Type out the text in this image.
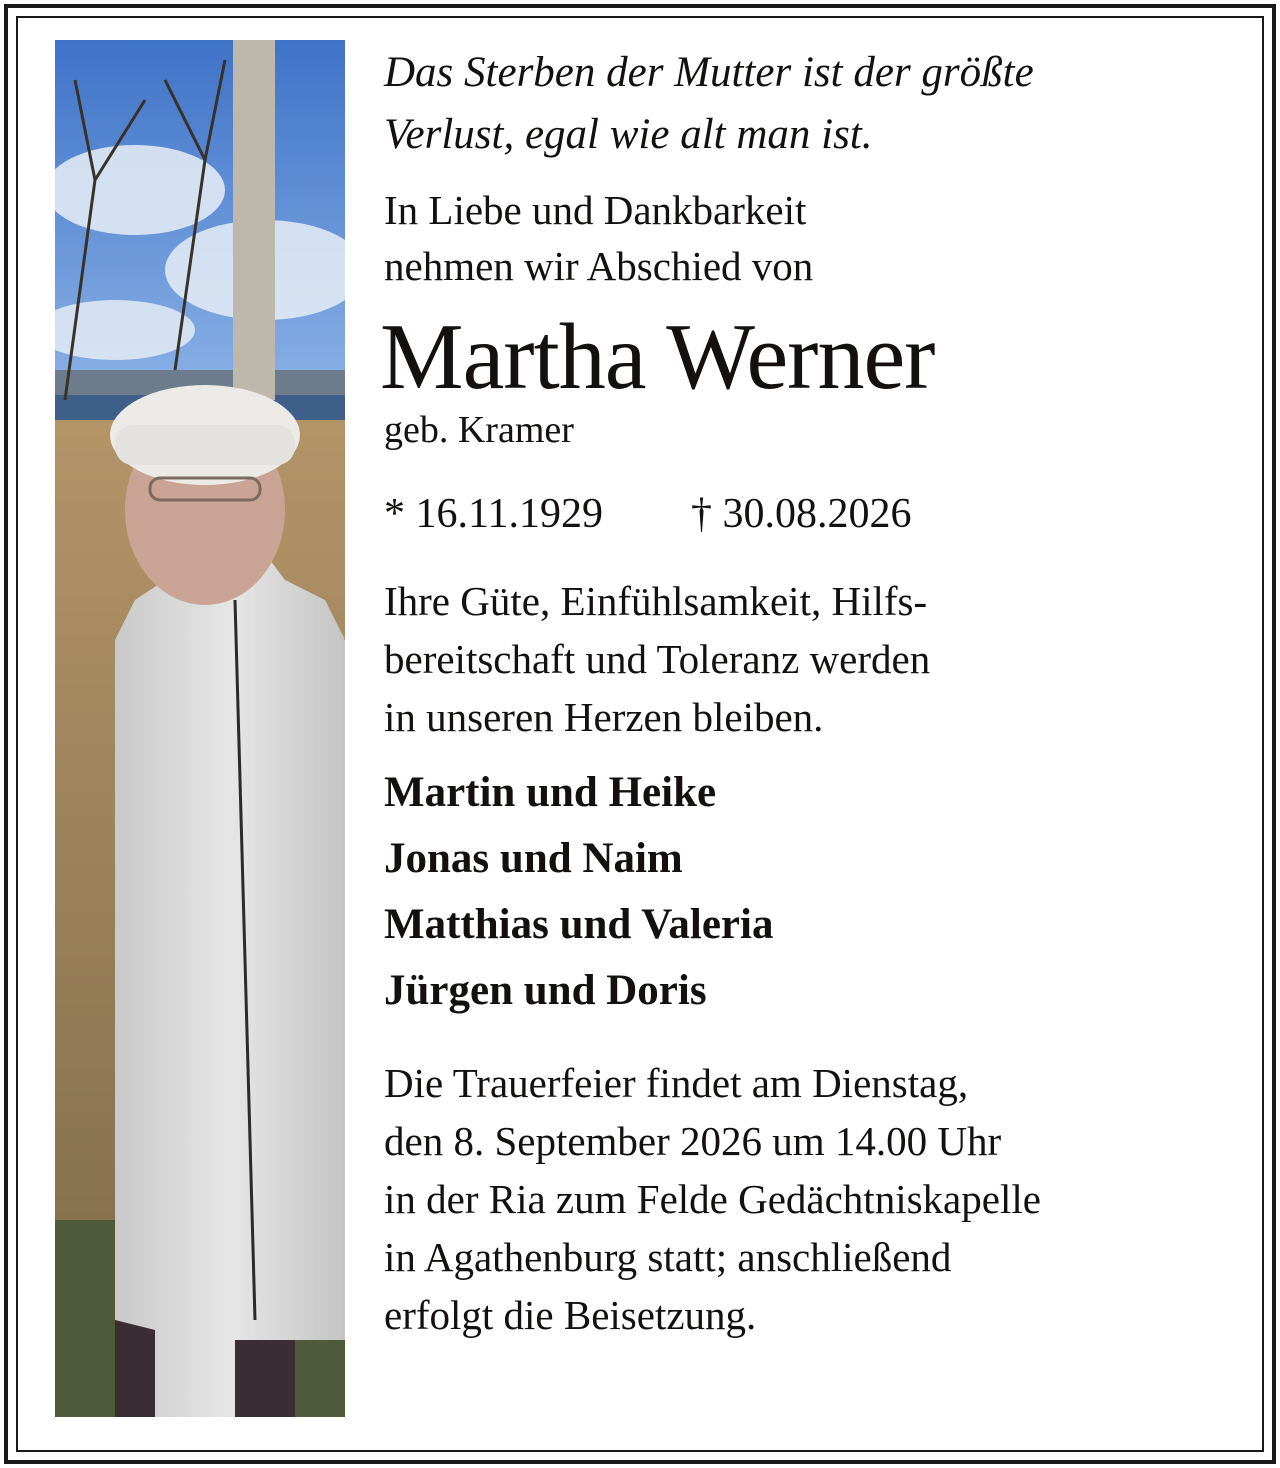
Das Sterben der Mutter ist der größte
Verlust, egal wie alt man ist.

In Liebe und Dankbarkeit
nehmen wir Abschied von

Martha Werner
geb. Kramer
* 16.11.1929 † 30.08.2026

Ihre Güte, Einfühlsamkeit, Hilfs-
bereitschaft und Toleranz werden
in unseren Herzen bleiben.

Martin und Heike
Jonas und Naim
Matthias und Valeria
Jürgen und Doris

Die Trauerfeier findet am Dienstag,
den 8. September 2026 um 14.00 Uhr
in der Ria zum Felde Gedächtniskapelle
in Agathenburg statt; anschließend
erfolgt die Beisetzung.
